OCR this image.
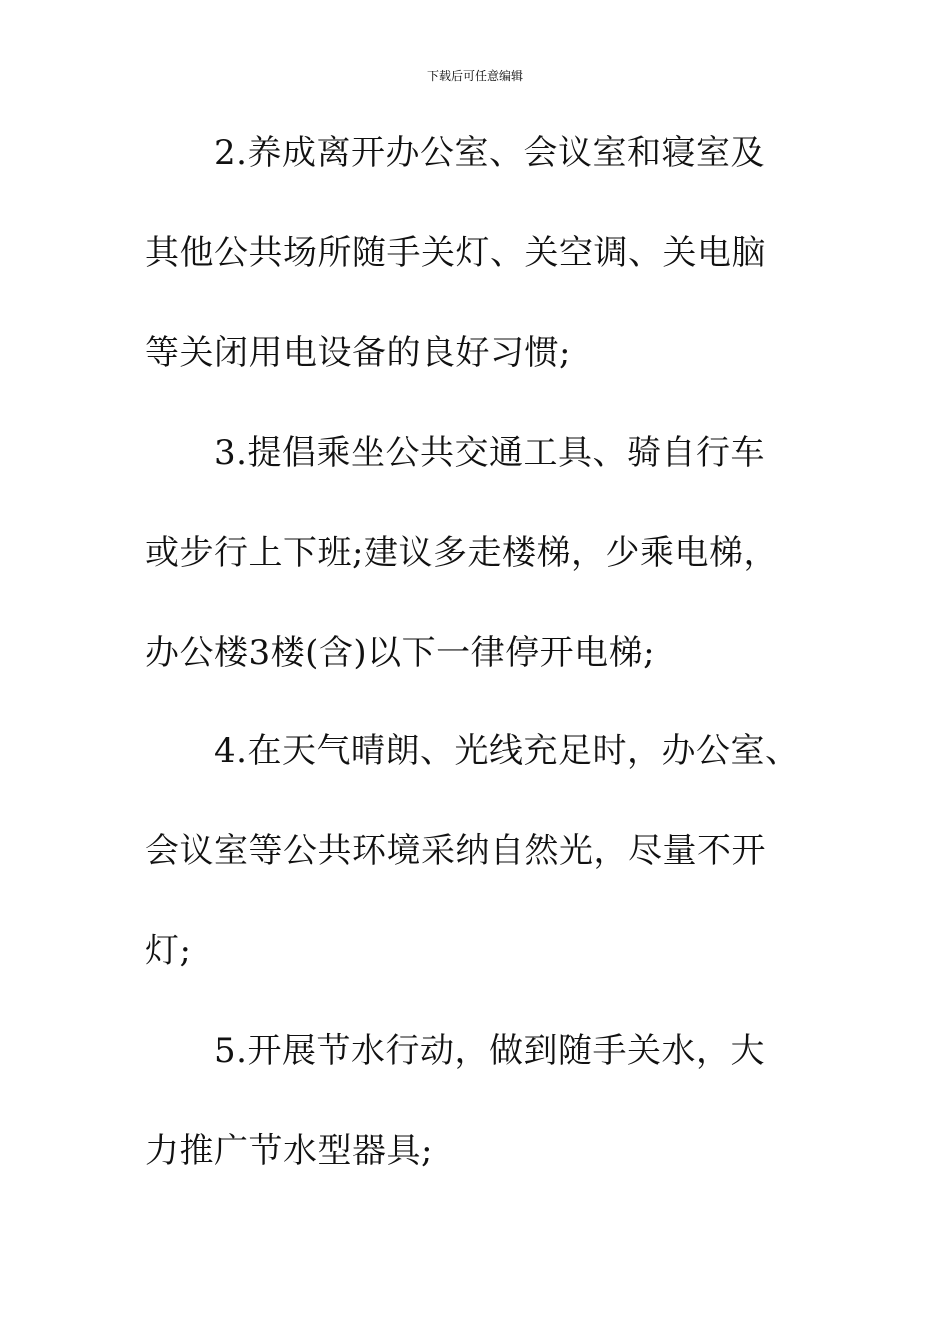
下载后可任意编辑
2.养成离开办公室、会议室和寝室及
其他公共场所随手关灯、关空调、关电脑
等关闭用电设备的良好习惯;
3.提倡乘坐公共交通工具、骑自行车
或步行上下班;建议多走楼梯，少乘电梯，
办公楼3楼(含)以下一律停开电梯;
4.在天气晴朗、光线充足时，办公室、
会议室等公共环境采纳自然光，尽量不开
灯;
5.开展节水行动，做到随手关水，大
力推广节水型器具;
